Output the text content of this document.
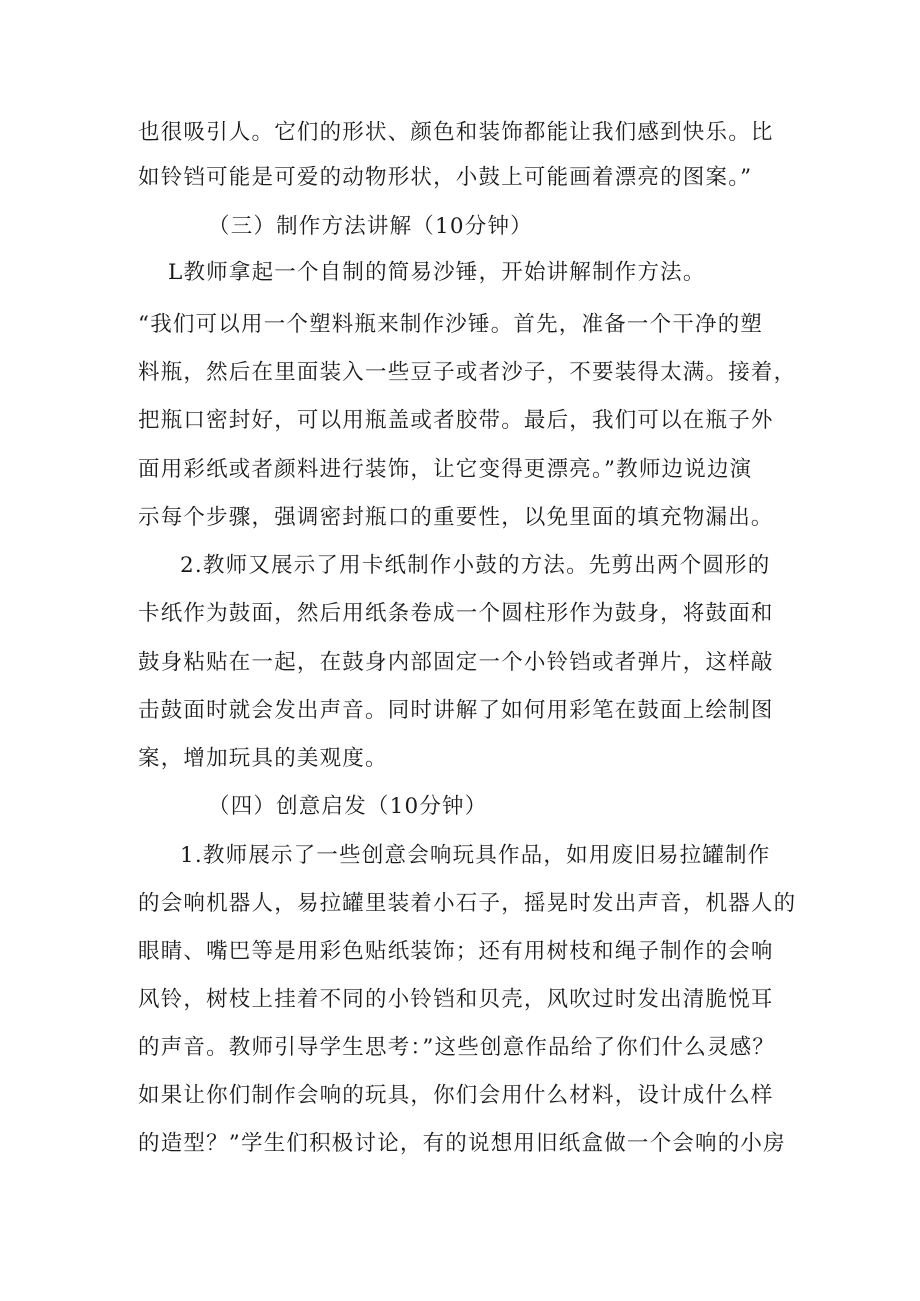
也很吸引人。它们的形状、颜色和装饰都能让我们感到快乐。比
如铃铛可能是可爱的动物形状，小鼓上可能画着漂亮的图案。”
（三）制作方法讲解（10分钟）
L教师拿起一个自制的简易沙锤，开始讲解制作方法。
“我们可以用一个塑料瓶来制作沙锤。首先，准备一个干净的塑
料瓶，然后在里面装入一些豆子或者沙子，不要装得太满。接着，
把瓶口密封好，可以用瓶盖或者胶带。最后，我们可以在瓶子外
面用彩纸或者颜料进行装饰，让它变得更漂亮。”教师边说边演
示每个步骤，强调密封瓶口的重要性，以免里面的填充物漏出。
2.教师又展示了用卡纸制作小鼓的方法。先剪出两个圆形的
卡纸作为鼓面，然后用纸条卷成一个圆柱形作为鼓身，将鼓面和
鼓身粘贴在一起，在鼓身内部固定一个小铃铛或者弹片，这样敲
击鼓面时就会发出声音。同时讲解了如何用彩笔在鼓面上绘制图
案，增加玩具的美观度。
（四）创意启发（10分钟）
1.教师展示了一些创意会响玩具作品，如用废旧易拉罐制作
的会响机器人，易拉罐里装着小石子，摇晃时发出声音，机器人的
眼睛、嘴巴等是用彩色贴纸装饰；还有用树枝和绳子制作的会响
风铃，树枝上挂着不同的小铃铛和贝壳，风吹过时发出清脆悦耳
的声音。教师引导学生思考：”这些创意作品给了你们什么灵感？
如果让你们制作会响的玩具，你们会用什么材料，设计成什么样
的造型？”学生们积极讨论，有的说想用旧纸盒做一个会响的小房
